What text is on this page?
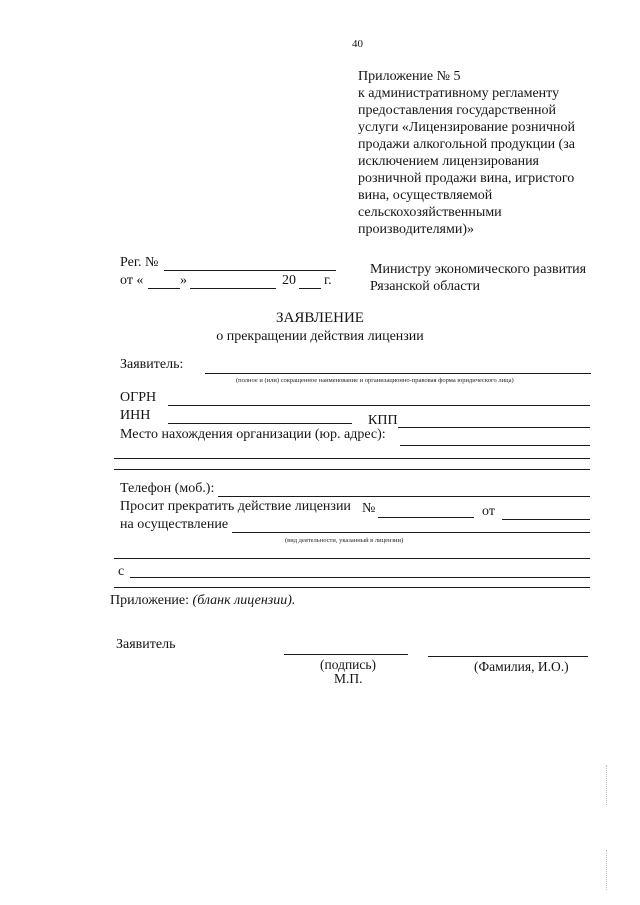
40
Приложение № 5
к административному регламенту
предоставления государственной
услуги «Лицензирование розничной
продажи алкогольной продукции (за
исключением лицензирования
розничной продажи вина, игристого
вина, осуществляемой
сельскохозяйственными
производителями)»
Рег. №
от «	»	20 г.
Министру экономического развития
Рязанской области
ЗАЯВЛЕНИЕ
о прекращении действия лицензии
Заявитель:
(полное и (или) сокращенное наименование и организационно-правовая форма юридического лица)
ОГРН
ИНН	КПП
Место нахождения организации (юр. адрес):
Телефон (моб.):
Просит прекратить действие лицензии №	от
на осуществление
(вид деятельности, указанный в лицензии)
с
Приложение: (бланк лицензии).
Заявитель
(подпись)	(Фамилия, И.О.)
М.П.
